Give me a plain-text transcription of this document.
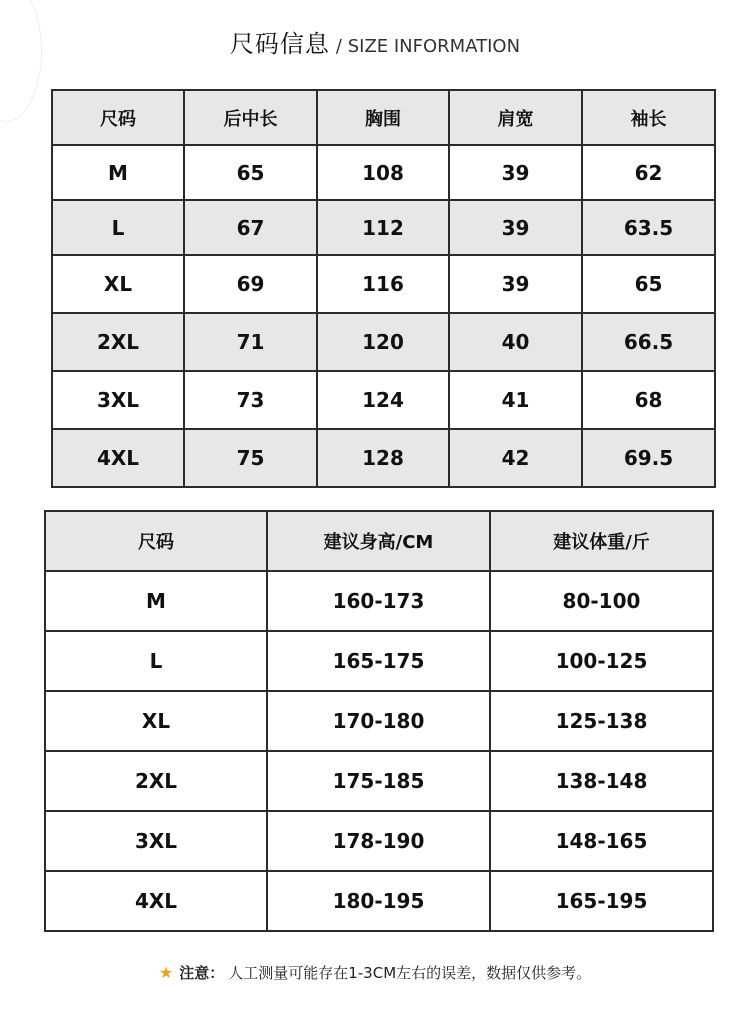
尺码信息 / SIZE INFORMATION
尺码	后中长	胸围	肩宽	袖长
M	65	108	39	62
L	67	112	39	63.5
XL	69	116	39	65
2XL	71	120	40	66.5
3XL	73	124	41	68
4XL	75	128	42	69.5
尺码	建议身高/CM	建议体重/斤
M	160-173	80-100
L	165-175	100-125
XL	170-180	125-138
2XL	175-185	138-148
3XL	178-190	148-165
4XL	180-195	165-195
★ 注意： 人工测量可能存在1-3CM左右的误差，数据仅供参考。
